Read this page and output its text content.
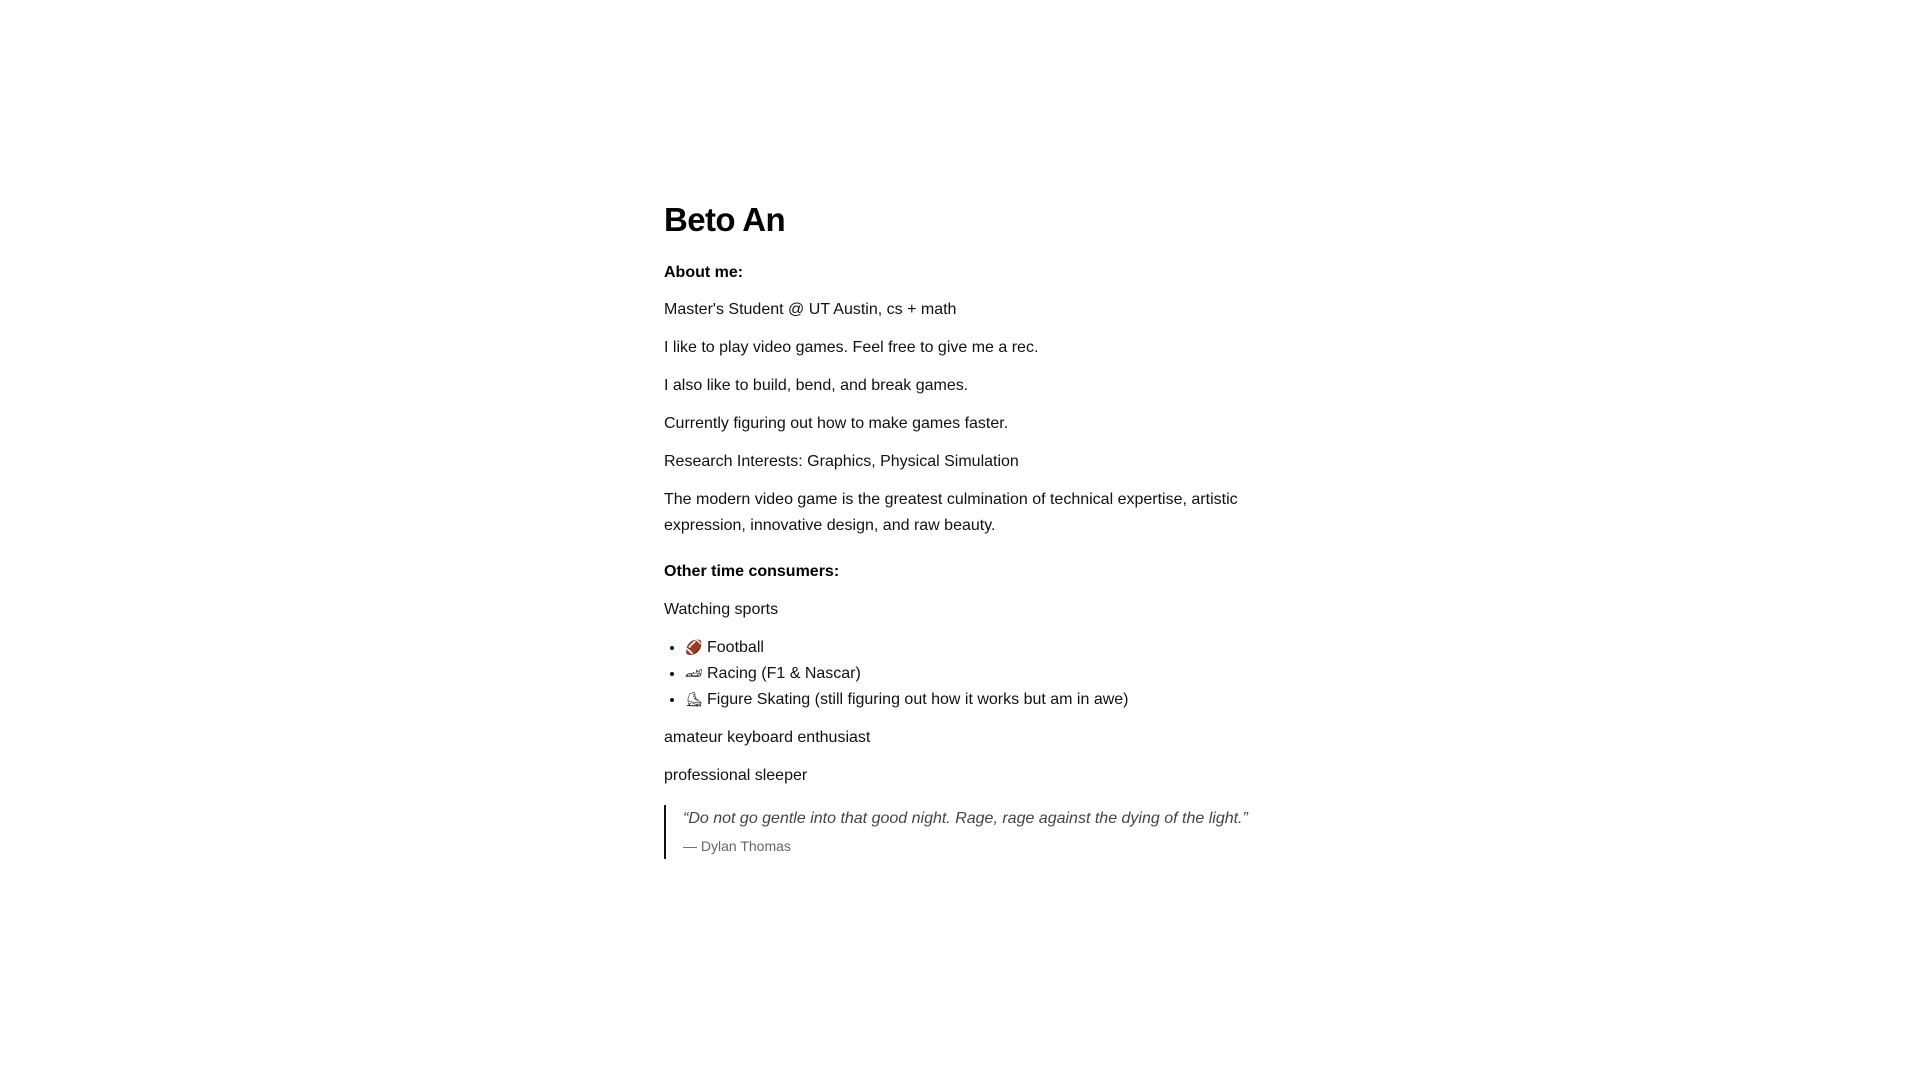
Beto An
About me:

Master's Student @ UT Austin, cs + math

I like to play video games. Feel free to give me a rec.

I also like to build, bend, and break games.

Currently figuring out how to make games faster.

Research Interests: Graphics, Physical Simulation

The modern video game is the greatest culmination of technical expertise, artistic expression, innovative design, and raw beauty.

Other time consumers:

Watching sports

• 🏈 Football
• 🏎 Racing (F1 & Nascar)
• ⛸ Figure Skating (still figuring out how it works but am in awe)

amateur keyboard enthusiast

professional sleeper

“Do not go gentle into that good night. Rage, rage against the dying of the light.”

— Dylan Thomas
